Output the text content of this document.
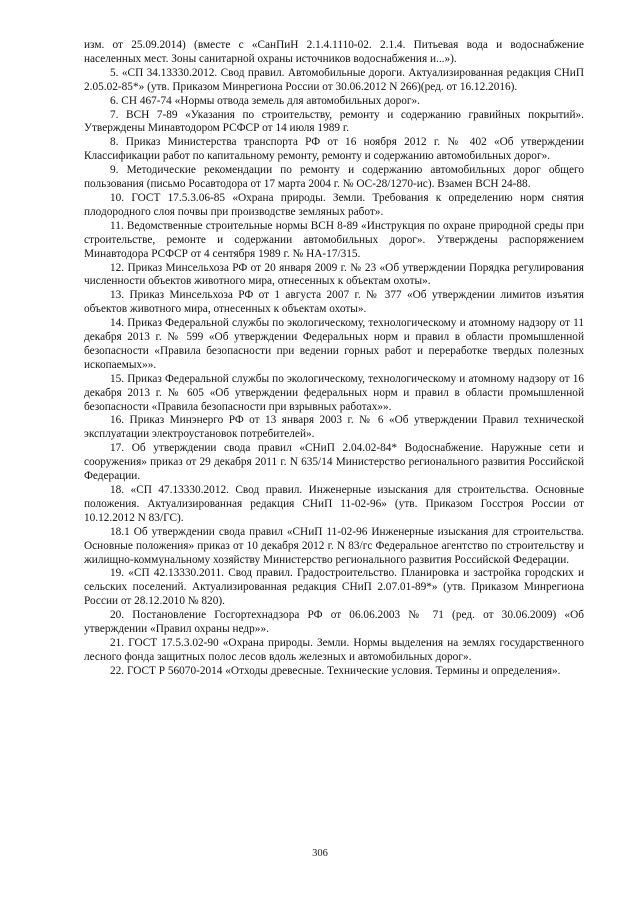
изм. от 25.09.2014) (вместе с «СанПиН 2.1.4.1110-02. 2.1.4. Питьевая вода и водоснабжение населенных мест. Зоны санитарной охраны источников водоснабжения и...»).

5. «СП 34.13330.2012. Свод правил. Автомобильные дороги. Актуализированная редакция СНиП 2.05.02-85*» (утв. Приказом Минрегиона России от 30.06.2012 N 266)(ред. от 16.12.2016).

6. СН 467-74 «Нормы отвода земель для автомобильных дорог».

7. ВСН 7-89 «Указания по строительству, ремонту и содержанию гравийных покрытий». Утверждены Минавтодором РСФСР от 14 июля 1989 г.

8. Приказ Министерства транспорта РФ от 16 ноября 2012 г. № 402 «Об утверждении Классификации работ по капитальному ремонту, ремонту и содержанию автомобильных дорог».

9. Методические рекомендации по ремонту и содержанию автомобильных дорог общего пользования (письмо Росавтодора от 17 марта 2004 г. № ОС-28/1270-ис). Взамен ВСН 24-88.

10. ГОСТ 17.5.3.06-85 «Охрана природы. Земли. Требования к определению норм снятия плодородного слоя почвы при производстве земляных работ».

11. Ведомственные строительные нормы ВСН 8-89 «Инструкция по охране природной среды при строительстве, ремонте и содержании автомобильных дорог». Утверждены распоряжением Минавтодора РСФСР от 4 сентября 1989 г. № НА-17/315.

12. Приказ Минсельхоза РФ от 20 января 2009 г. № 23 «Об утверждении Порядка регулирования численности объектов животного мира, отнесенных к объектам охоты».

13. Приказ Минсельхоза РФ от 1 августа 2007 г. № 377 «Об утверждении лимитов изъятия объектов животного мира, отнесенных к объектам охоты».

14. Приказ Федеральной службы по экологическому, технологическому и атомному надзору от 11 декабря 2013 г. № 599 «Об утверждении Федеральных норм и правил в области промышленной безопасности «Правила безопасности при ведении горных работ и переработке твердых полезных ископаемых»».

15. Приказ Федеральной службы по экологическому, технологическому и атомному надзору от 16 декабря 2013 г. № 605 «Об утверждении федеральных норм и правил в области промышленной безопасности «Правила безопасности при взрывных работах»».

16. Приказ Минэнерго РФ от 13 января 2003 г. № 6 «Об утверждении Правил технической эксплуатации электроустановок потребителей».

17. Об утверждении свода правил «СНиП 2.04.02-84* Водоснабжение. Наружные сети и сооружения» приказ от 29 декабря 2011 г. N 635/14 Министерство регионального развития Российской Федерации.

18. «СП 47.13330.2012. Свод правил. Инженерные изыскания для строительства. Основные положения. Актуализированная редакция СНиП 11-02-96» (утв. Приказом Госстроя России от 10.12.2012 N 83/ГС).

18.1 Об утверждении свода правил «СНиП 11-02-96 Инженерные изыскания для строительства. Основные положения» приказ от 10 декабря 2012 г. N 83/гс Федеральное агентство по строительству и жилищно-коммунальному хозяйству Министерство регионального развития Российской Федерации.

19. «СП 42.13330.2011. Свод правил. Градостроительство. Планировка и застройка городских и сельских поселений. Актуализированная редакция СНиП 2.07.01-89*» (утв. Приказом Минрегиона России от 28.12.2010 № 820).

20. Постановление Госгортехнадзора РФ от 06.06.2003 № 71 (ред. от 30.06.2009) «Об утверждении «Правил охраны недр»».

21. ГОСТ 17.5.3.02-90 «Охрана природы. Земли. Нормы выделения на землях государственного лесного фонда защитных полос лесов вдоль железных и автомобильных дорог».

22. ГОСТ Р 56070-2014 «Отходы древесные. Технические условия. Термины и определения».

306
